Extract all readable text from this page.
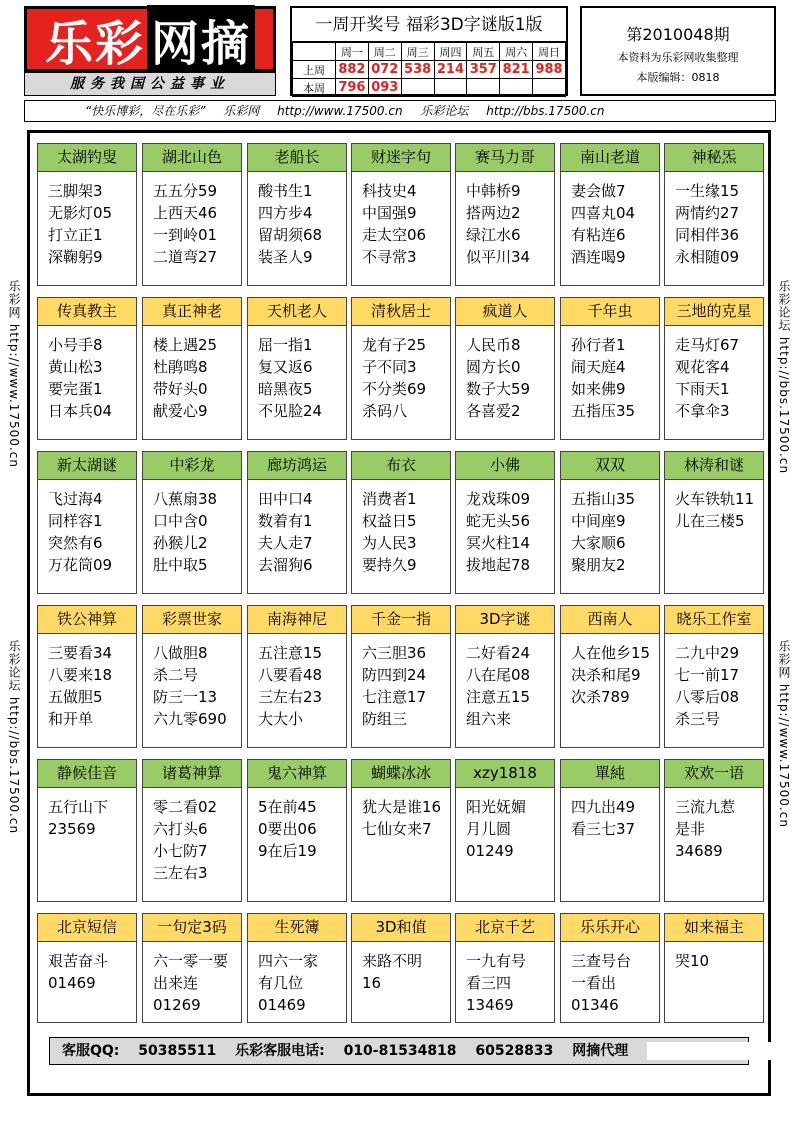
乐彩 网摘
服务我国公益事业
一周开奖号 福彩3D字谜版1版
	周一	周二	周三	周四	周五	周六	周日
上周	882	072	538	214	357	821	988
本周	796	093					
第2010048期
本资料为乐彩网收集整理
本版编辑：0818
“快乐博彩，尽在乐彩” 乐彩网 http://www.17500.cn 乐彩论坛 http://bbs.17500.cn
乐彩网 http://www.17500.cn
乐彩论坛 http://bbs.17500.cn
乐彩论坛 http://bbs.17500.cn
乐彩网 http://www.17500.cn
客服QQ: 50385511 乐彩客服电话: 010-81534818 60528833 网摘代理
太湖钓叟
三脚架3
无影灯05
打立正1
深鞠躬9
湖北山色
五五分59
上西天46
一到岭01
二道弯27
老船长
酸书生1
四方步4
留胡须68
装圣人9
财迷字句
科技史4
中国强9
走太空06
不寻常3
赛马力哥
中韩桥9
搭两边2
绿江水6
似平川34
南山老道
妻会做7
四喜丸04
有粘连6
酒连喝9
神秘炁
一生缘15
两情约27
同相伴36
永相随09
传真教主
小号手8
黄山松3
要完蛋1
日本兵04
真正神老
楼上遇25
杜鹃鸣8
带好头0
献爱心9
天机老人
屈一指1
复又返6
暗黑夜5
不见脸24
清秋居士
龙有子25
子不同3
不分类69
杀码八
疯道人
人民币8
圆方长0
数子大59
各喜爱2
千年虫
孙行者1
闹天庭4
如来佛9
五指压35
三地的克星
走马灯67
观花客4
下雨天1
不拿伞3
新太湖谜
飞过海4
同样容1
突然有6
万花筒09
中彩龙
八蕉扇38
口中含0
孙猴儿2
肚中取5
廊坊鸿运
田中口4
数着有1
夫人走7
去溜狗6
布衣
消费者1
权益日5
为人民3
要持久9
小佛
龙戏珠09
蛇无头56
冥火柱14
拔地起78
双双
五指山35
中间座9
大家顺6
聚朋友2
林涛和谜
火车铁轨11
儿在三楼5

铁公神算
三要看34
八要来18
五做胆5
和开单
彩票世家
八做胆8
杀二号
防三一13
六九零690
南海神尼
五注意15
八要看48
三左右23
大大小
千金一指
六三胆36
防四到24
七注意17
防组三
3D字谜
二好看24
八在尾08
注意五15
组六来
西南人
人在他乡15
决杀和尾9
次杀789

晓乐工作室
二九中29
七一前17
八零后08
杀三号
静候佳音
五行山下
23569

诸葛神算
零二看02
六打头6
小七防7
三左右3
鬼六神算
5在前45
0要出06
9在后19

蝴蝶冰冰
犹大是谁16
七仙女来7

xzy1818
阳光妩媚
月儿圆
01249

單純
四九出49
看三七37

欢欢一语
三流九惹
是非
34689

北京短信
艰苦奋斗
01469

一句定3码
六一零一要
出来连
01269

生死簿
四六一家
有几位
01469

3D和值
来路不明
16

北京千艺
一九有号
看三四
13469

乐乐开心
三查号台
一看出
01346

如来福主
哭10
